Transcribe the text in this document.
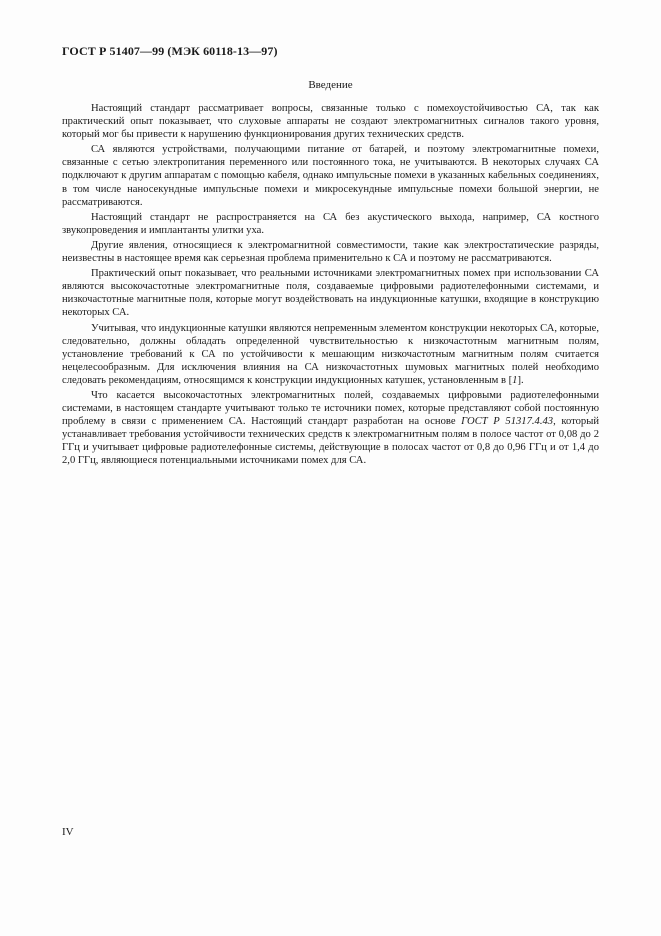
ГОСТ Р 51407—99 (МЭК 60118-13—97)
Введение

Настоящий стандарт рассматривает вопросы, связанные только с помехоустойчивостью СА, так как практический опыт показывает, что слуховые аппараты не создают электромагнитных сигналов такого уровня, который мог бы привести к нарушению функционирования других технических средств.

СА являются устройствами, получающими питание от батарей, и поэтому электромагнитные помехи, связанные с сетью электропитания переменного или постоянного тока, не учитываются. В некоторых случаях СА подключают к другим аппаратам с помощью кабеля, однако импульсные помехи в указанных кабельных соединениях, в том числе наносекундные импульсные помехи и микросекундные импульсные помехи большой энергии, не рассматриваются.

Настоящий стандарт не распространяется на СА без акустического выхода, например, СА костного звукопроведения и имплантанты улитки уха.

Другие явления, относящиеся к электромагнитной совместимости, такие как электростатические разряды, неизвестны в настоящее время как серьезная проблема применительно к СА и поэтому не рассматриваются.

Практический опыт показывает, что реальными источниками электромагнитных помех при использовании СА являются высокочастотные электромагнитные поля, создаваемые цифровыми радиотелефонными системами, и низкочастотные магнитные поля, которые могут воздействовать на индукционные катушки, входящие в конструкцию некоторых СА.

Учитывая, что индукционные катушки являются непременным элементом конструкции некоторых СА, которые, следовательно, должны обладать определенной чувствительностью к низкочастотным магнитным полям, установление требований к СА по устойчивости к мешающим низкочастотным магнитным полям считается нецелесообразным. Для исключения влияния на СА низкочастотных шумовых магнитных полей необходимо следовать рекомендациям, относящимся к конструкции индукционных катушек, установленным в [1].

Что касается высокочастотных электромагнитных полей, создаваемых цифровыми радиотелефонными системами, в настоящем стандарте учитывают только те источники помех, которые представляют собой постоянную проблему в связи с применением СА. Настоящий стандарт разработан на основе ГОСТ Р 51317.4.43, который устанавливает требования устойчивости технических средств к электромагнитным полям в полосе частот от 0,08 до 2 ГГц и учитывает цифровые радиотелефонные системы, действующие в полосах частот от 0,8 до 0,96 ГГц и от 1,4 до 2,0 ГГц, являющиеся потенциальными источниками помех для СА.

IV
